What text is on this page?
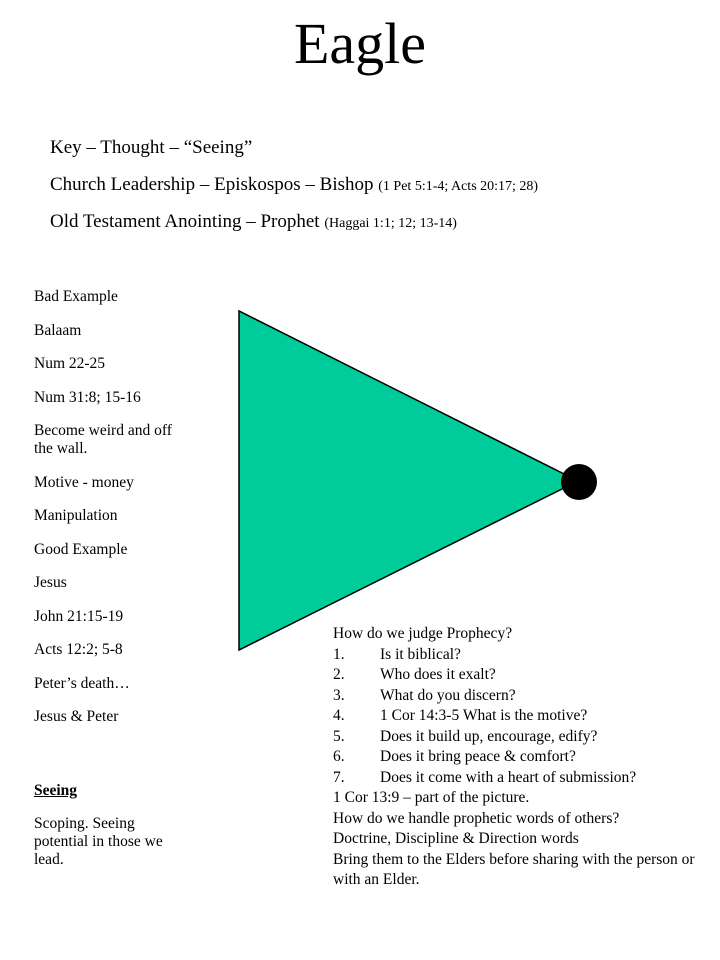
Eagle
Key – Thought – “Seeing”
Church Leadership – Episkospos – Bishop (1 Pet 5:1-4; Acts 20:17; 28)
Old Testament Anointing – Prophet (Haggai 1:1; 12; 13-14)
Bad Example
Balaam
Num 22-25
Num 31:8; 15-16
Become weird and off the wall.
Motive - money
Manipulation
Good Example
Jesus
John 21:15-19
Acts 12:2; 5-8
Peter’s death…
Jesus & Peter
Seeing
Scoping. Seeing potential in those we lead.
How do we judge Prophecy?
1.	Is it biblical?
2.	Who does it exalt?
3.	What do you discern?
4.	1 Cor 14:3-5 What is the motive?
5.	Does it build up, encourage, edify?
6.	Does it bring peace & comfort?
7.	Does it come with a heart of submission?
1 Cor 13:9 – part of the picture.
How do we handle prophetic words of others?
Doctrine, Discipline & Direction words
Bring them to the Elders before sharing with the person or with an Elder.
